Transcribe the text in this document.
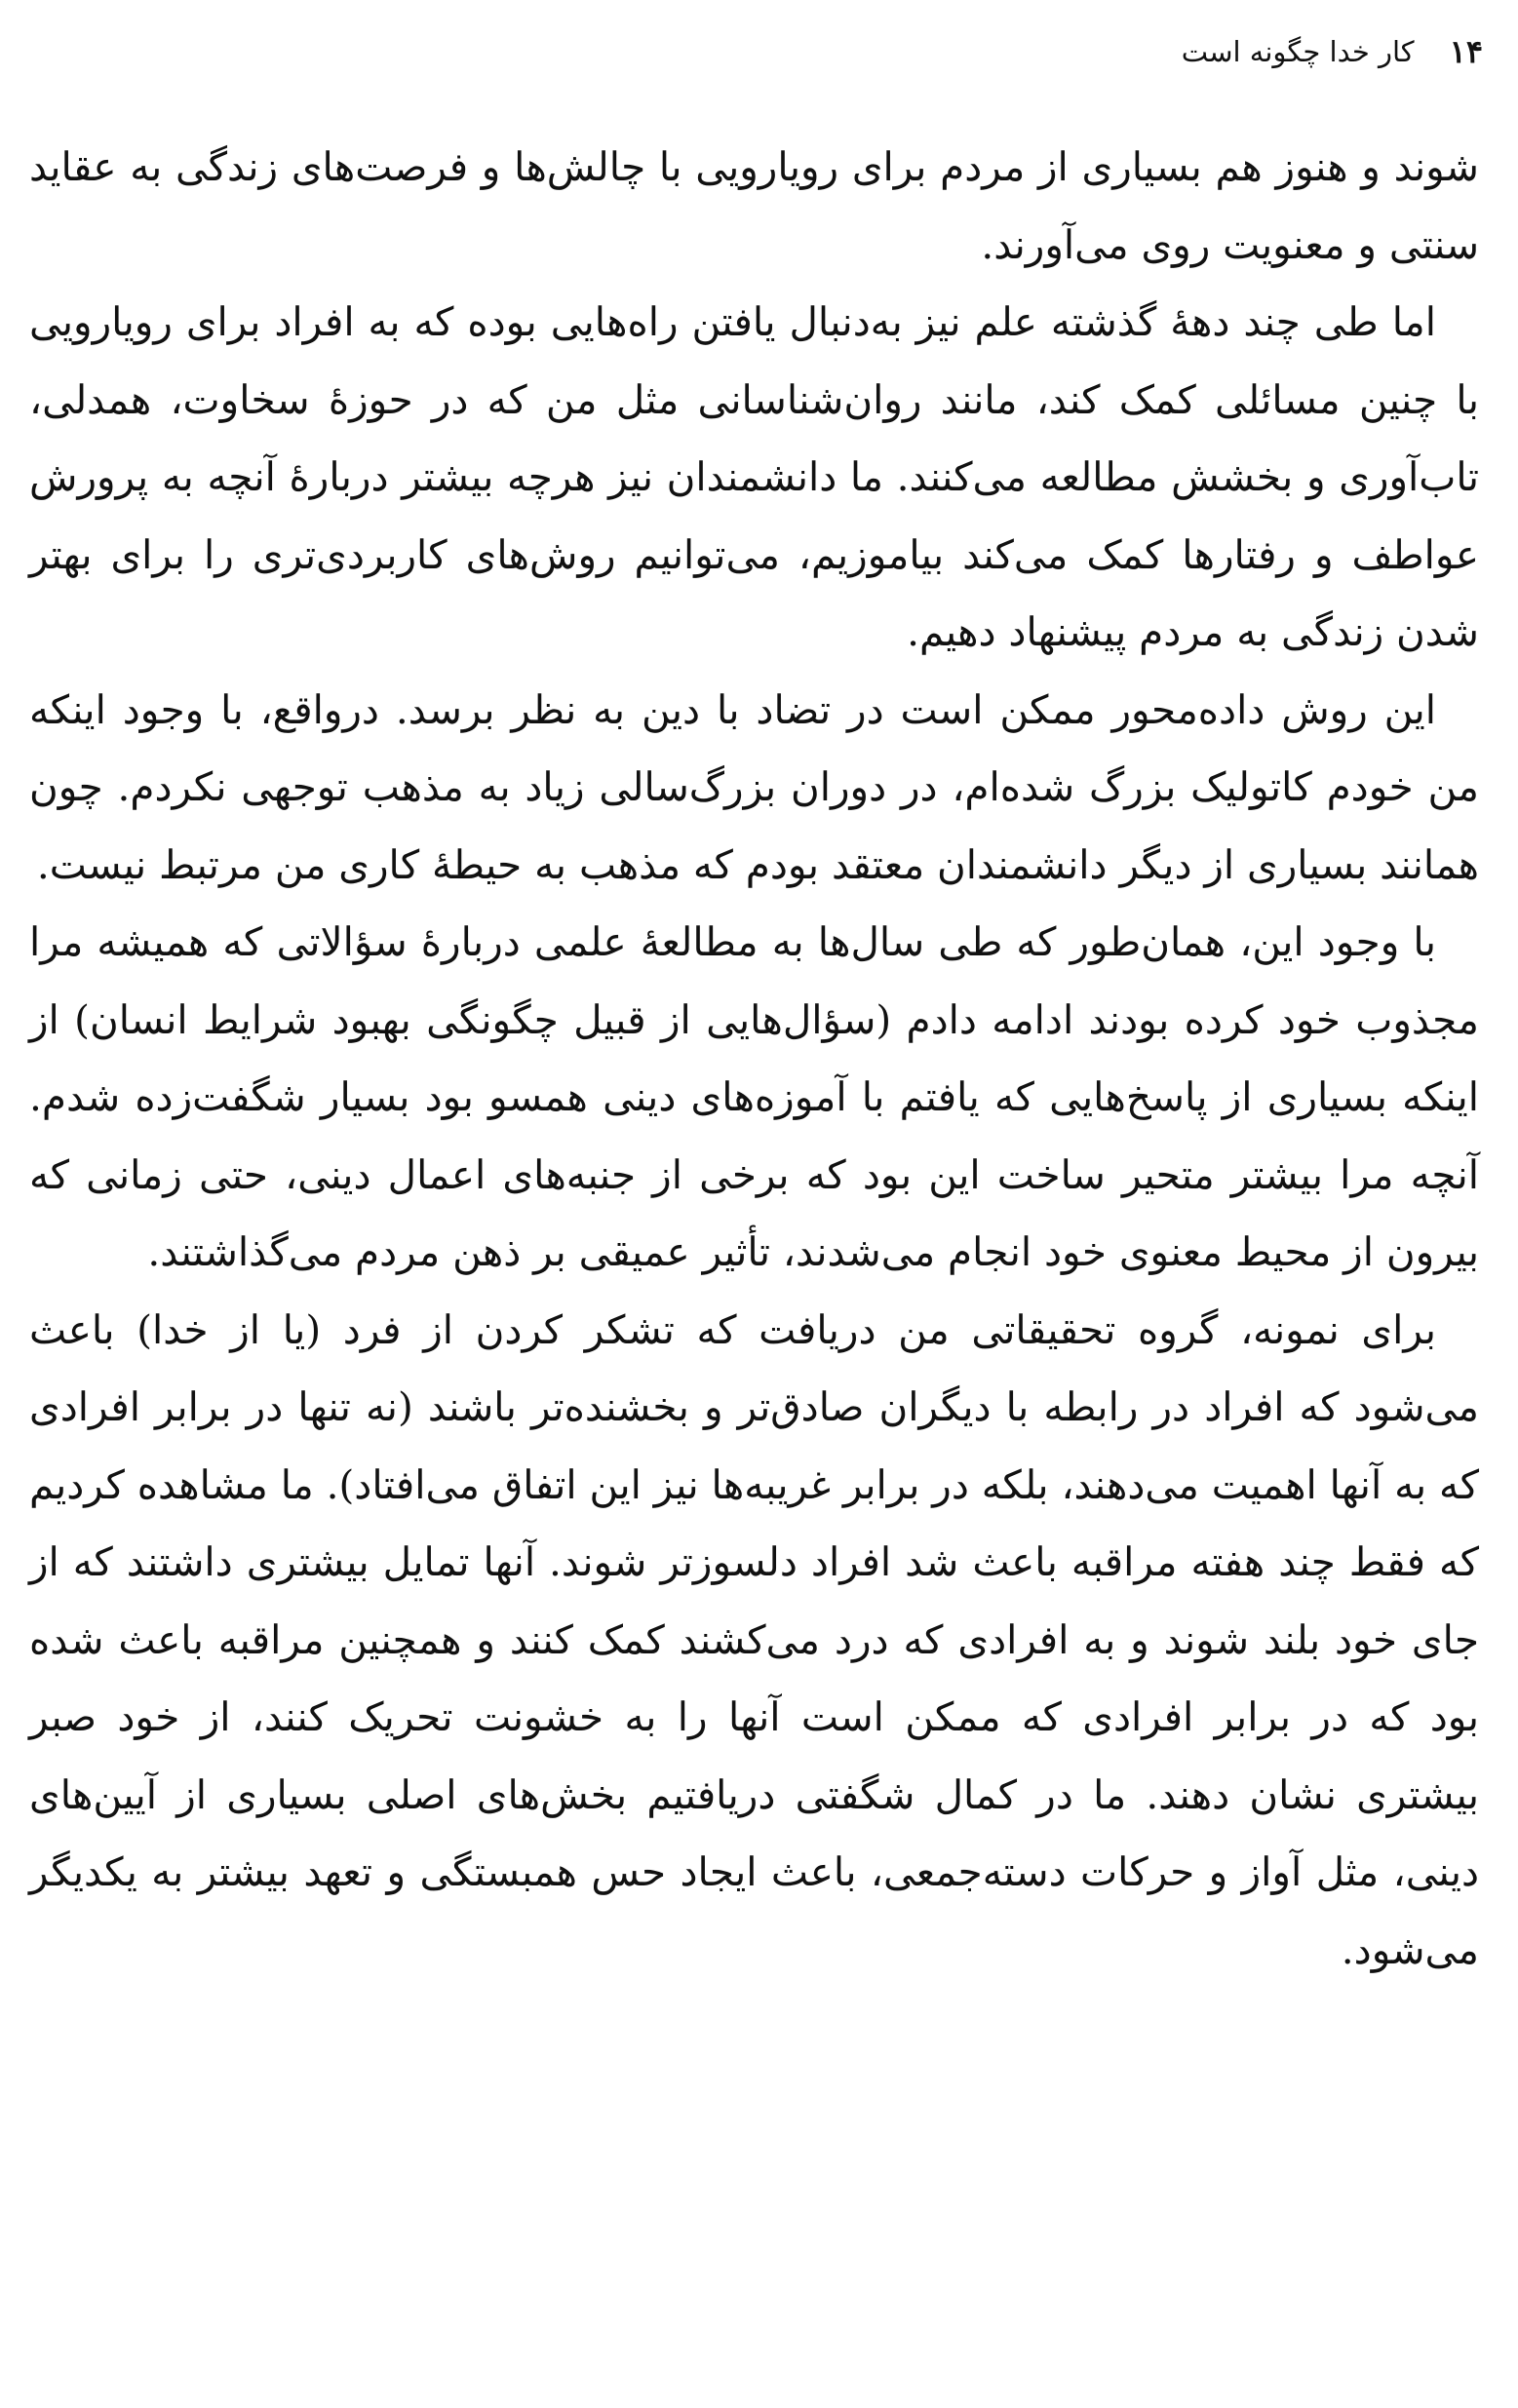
۱۴
کار خدا چگونه است

شوند و هنوز هم بسیاری از مردم برای رویارویی با چالش‌ها و فرصت‌های زندگی به عقاید سنتی و معنویت روی می‌آورند.

اما طی چند دههٔ گذشته علم نیز به‌دنبال یافتن راه‌هایی بوده که به افراد برای رویارویی با چنین مسائلی کمک کند، مانند روان‌شناسانی مثل من که در حوزهٔ سخاوت، همدلی، تاب‌آوری و بخشش مطالعه می‌کنند. ما دانشمندان نیز هرچه بیشتر دربارهٔ آنچه به پرورش عواطف و رفتارها کمک می‌کند بیاموزیم، می‌توانیم روش‌های کاربردی‌تری را برای بهتر شدن زندگی به مردم پیشنهاد دهیم.

این روش داده‌محور ممکن است در تضاد با دین به نظر برسد. درواقع، با وجود اینکه من خودم کاتولیک بزرگ شده‌ام، در دوران بزرگ‌سالی زیاد به مذهب توجهی نکردم. چون همانند بسیاری از دیگر دانشمندان معتقد بودم که مذهب به حیطهٔ کاری من مرتبط نیست.

با وجود این، همان‌طور که طی سال‌ها به مطالعهٔ علمی دربارهٔ سؤالاتی که همیشه مرا مجذوب خود کرده بودند ادامه دادم (سؤال‌هایی از قبیل چگونگی بهبود شرایط انسان) از اینکه بسیاری از پاسخ‌هایی که یافتم با آموزه‌های دینی همسو بود بسیار شگفت‌زده شدم. آنچه مرا بیشتر متحیر ساخت این بود که برخی از جنبه‌های اعمال دینی، حتی زمانی که بیرون از محیط معنوی خود انجام می‌شدند، تأثیر عمیقی بر ذهن مردم می‌گذاشتند.

برای نمونه، گروه تحقیقاتی من دریافت که تشکر کردن از فرد (یا از خدا) باعث می‌شود که افراد در رابطه با دیگران صادق‌تر و بخشنده‌تر باشند (نه تنها در برابر افرادی که به آنها اهمیت می‌دهند، بلکه در برابر غریبه‌ها نیز این اتفاق می‌افتاد). ما مشاهده کردیم که فقط چند هفته مراقبه باعث شد افراد دلسوزتر شوند. آنها تمایل بیشتری داشتند که از جای خود بلند شوند و به افرادی که درد می‌کشند کمک کنند و همچنین مراقبه باعث شده بود که در برابر افرادی که ممکن است آنها را به خشونت تحریک کنند، از خود صبر بیشتری نشان دهند. ما در کمال شگفتی دریافتیم بخش‌های اصلی بسیاری از آیین‌های دینی، مثل آواز و حرکات دسته‌جمعی، باعث ایجاد حس همبستگی و تعهد بیشتر به یکدیگر می‌شود.
